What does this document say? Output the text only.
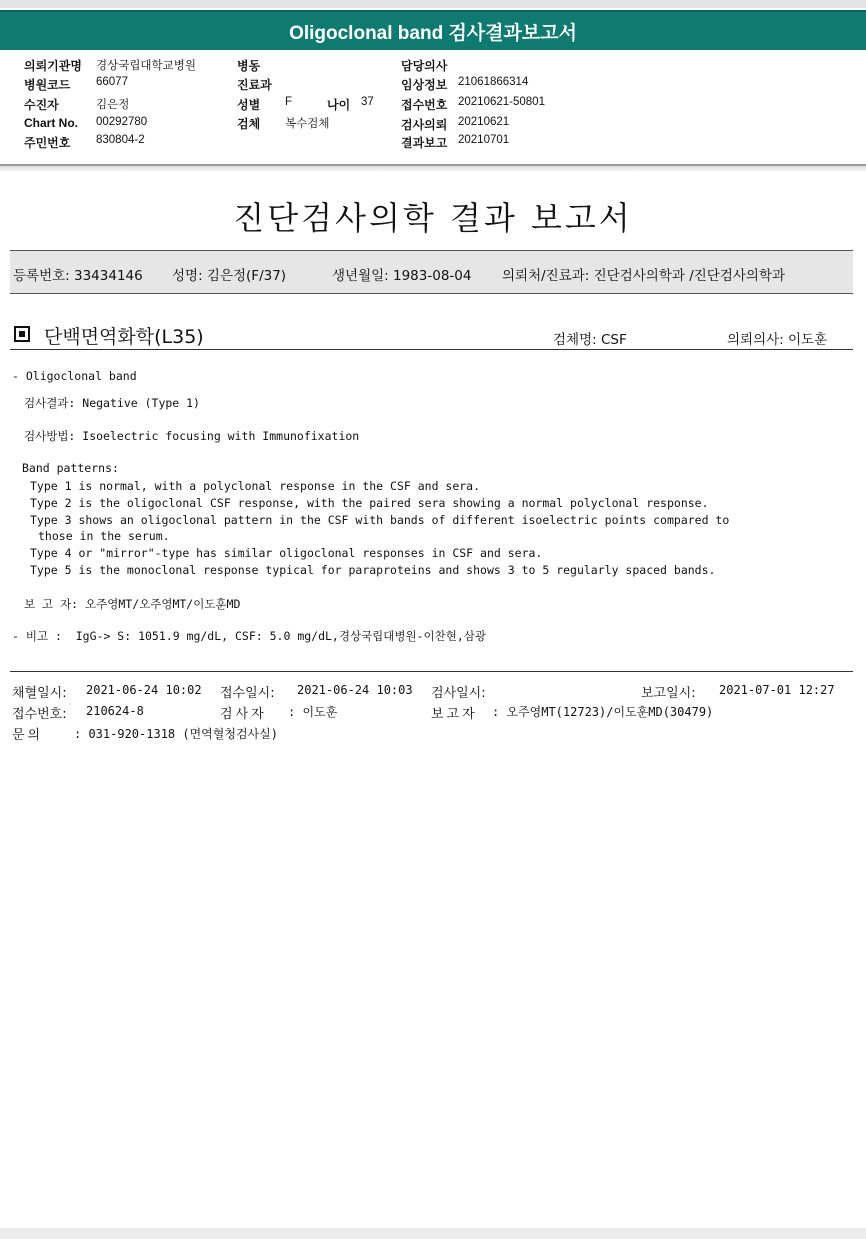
Oligoclonal band 검사결과보고서
의뢰기관명 경상국립대학교병원
병원코드 66077
수진자	김은정
Chart No. 00292780
주민번호 830804-2
병동
진료과
성별 F	나이 37
검체 복수검체
담당의사
임상정보 21061866314
접수번호 20210621-50801
검사의뢰 20210621
결과보고 20210701
진단검사의학 결과 보고서
등록번호: 33434146 성명: 김은정(F/37)	생년월일: 1983-08-04 의뢰처/진료과: 진단검사의학과 /진단검사의학과
단백면역화학(L35)	검체명: CSF	의뢰의사: 이도훈
- Oligoclonal band
검사결과: Negative (Type 1)
검사방법: Isoelectric focusing with Immunofixation
Band patterns:
Type 1 is normal, with a polyclonal response in the CSF and sera.
Type 2 is the oligoclonal CSF response, with the paired sera showing a normal polyclonal response.
Type 3 shows an oligoclonal pattern in the CSF with bands of different isoelectric points compared to
those in the serum.
Type 4 or "mirror"-type has similar oligoclonal responses in CSF and sera.
Type 5 is the monoclonal response typical for paraproteins and shows 3 to 5 regularly spaced bands.
보 고 자: 오주영MT/오주영MT/이도훈MD
- 비고 :  IgG-> S: 1051.9 mg/dL, CSF: 5.0 mg/dL,경상국립대병원-이찬현,삼광
채혈일시: 2021-06-24 10:02 접수일시: 2021-06-24 10:03 검사일시:	보고일시: 2021-07-01 12:27
접수번호: 210624-8	검사자 : 이도훈	보고자 : 오주영MT(12723)/이도훈MD(30479)
문의	: 031-920-1318 (면역혈청검사실)
